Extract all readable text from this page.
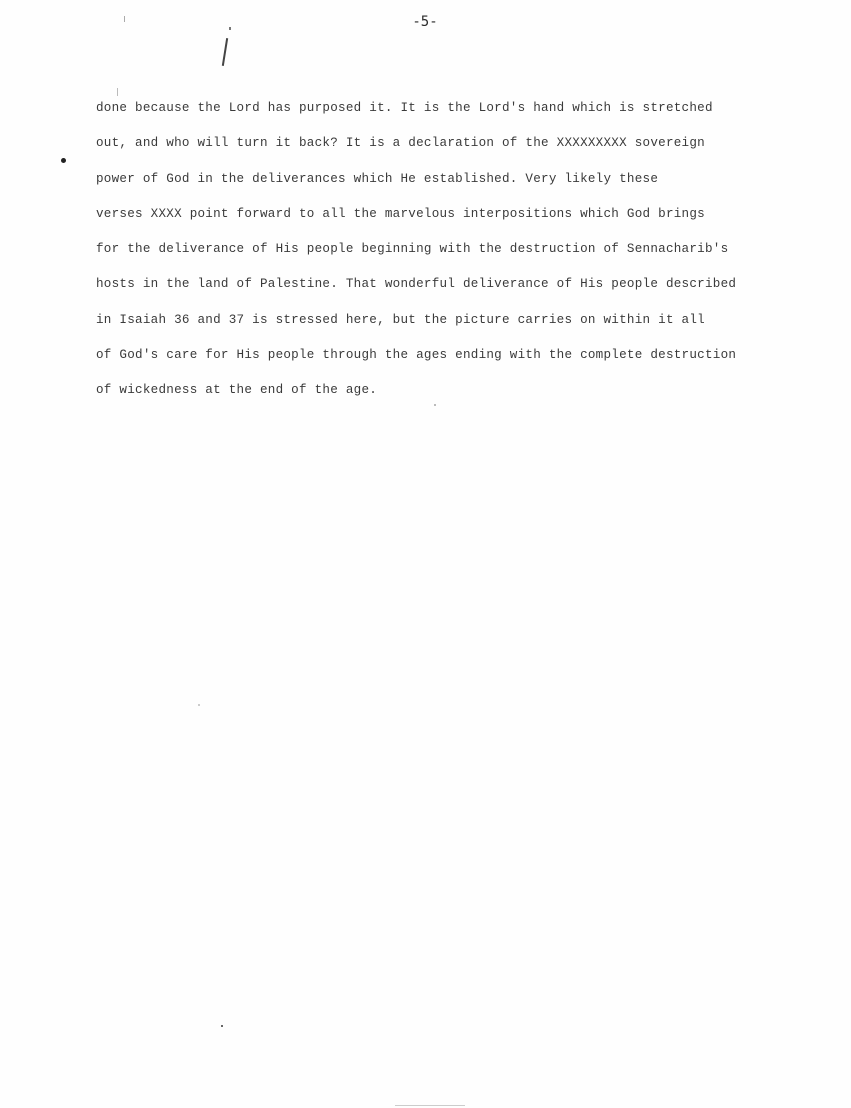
-5-
done because the Lord has purposed it. It is the Lord's hand which is stretched
out, and who will turn it back? It is a declaration of the XXXXXXXXX sovereign
power of God in the deliverances which He established. Very likely these
verses XXXX point forward to all the marvelous interpositions which God brings
for the deliverance of His people beginning with the destruction of Sennacharib's
hosts in the land of Palestine. That wonderful deliverance of His people described
in Isaiah 36 and 37 is stressed here, but the picture carries on within it all
of God's care for His people through the ages ending with the complete destruction
of wickedness at the end of the age.
